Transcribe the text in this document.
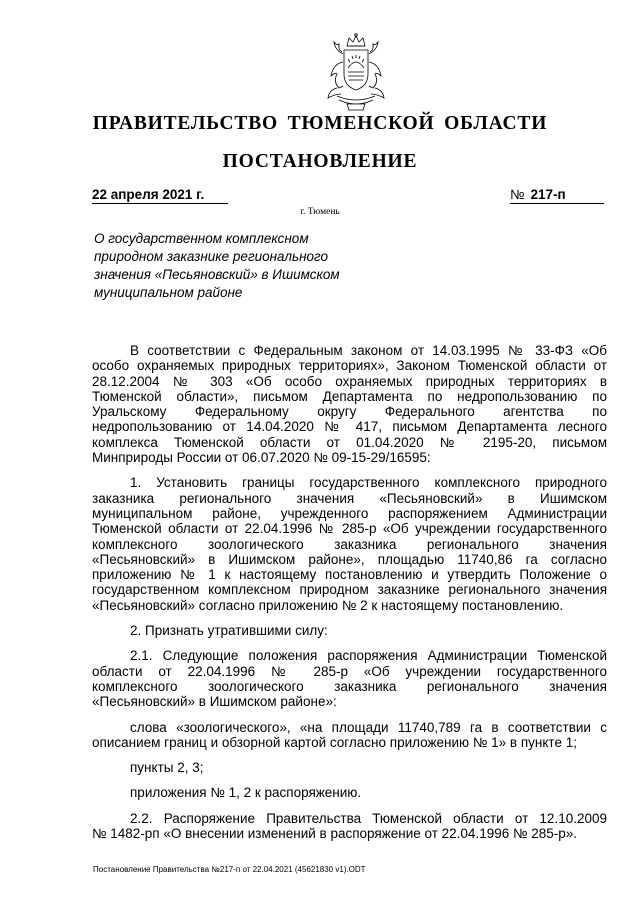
ПРАВИТЕЛЬСТВО ТЮМЕНСКОЙ ОБЛАСТИ
ПОСТАНОВЛЕНИЕ
22 апреля 2021 г.	№ 217-п
г. Тюмень
О государственном комплексном
природном заказнике регионального
значения «Песьяновский» в Ишимском
муниципальном районе

В соответствии с Федеральным законом от 14.03.1995 № 33-ФЗ «Об

особо охраняемых природных территориях», Законом Тюменской области от

28.12.2004 № 303 «Об особо охраняемых природных территориях в

Тюменской области», письмом Департамента по недропользованию по

Уральскому Федеральному округу Федерального агентства по

недропользованию от 14.04.2020 № 417, письмом Департамента лесного

комплекса Тюменской области от 01.04.2020 № 2195-20, письмом

Минприроды России от 06.07.2020 № 09-15-29/16595:

1. Установить границы государственного комплексного природного

заказника регионального значения «Песьяновский» в Ишимском

муниципальном районе, учрежденного распоряжением Администрации

Тюменской области от 22.04.1996 № 285-р «Об учреждении государственного

комплексного зоологического заказника регионального значения

«Песьяновский» в Ишимском районе», площадью 11740,86 га согласно

приложению № 1 к настоящему постановлению и утвердить Положение о

государственном комплексном природном заказнике регионального значения

«Песьяновский» согласно приложению № 2 к настоящему постановлению.

2. Признать утратившими силу:

2.1. Следующие положения распоряжения Администрации Тюменской

области от 22.04.1996 № 285-р «Об учреждении государственного

комплексного зоологического заказника регионального значения

«Песьяновский» в Ишимском районе»:

слова «зоологического», «на площади 11740,789 га в соответствии с

описанием границ и обзорной картой согласно приложению № 1» в пункте 1;

пункты 2, 3;

приложения № 1, 2 к распоряжению.

2.2. Распоряжение Правительства Тюменской области от 12.10.2009

№ 1482-рп «О внесении изменений в распоряжение от 22.04.1996 № 285-р».

Постановление Правительства №217-п от 22.04.2021 (45621830 v1).ODT
